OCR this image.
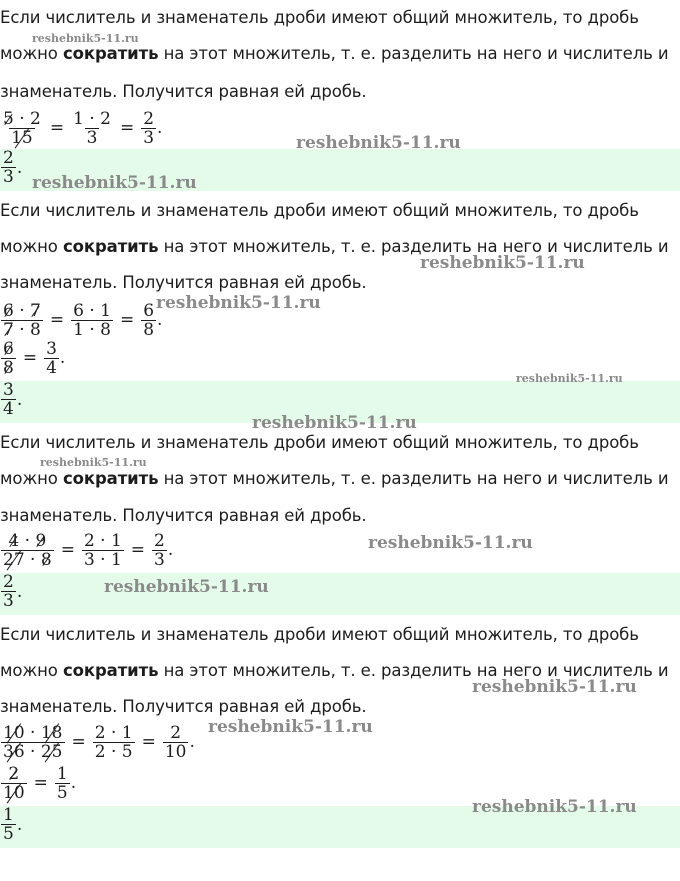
Если числитель и знаменатель дроби имеют общий множитель, то дробь
можно сократить на этот множитель, т. е. разделить на него и числитель и
знаменатель. Получится равная ей дробь.
$\frac{5 \cdot 2}{15} = \frac{1 \cdot 2}{3} = \frac{2}{3}$ .
$\frac{2}{3}$ .
Если числитель и знаменатель дроби имеют общий множитель, то дробь
можно сократить на этот множитель, т. е. разделить на него и числитель и
знаменатель. Получится равная ей дробь.
$\frac{6 \cdot 7}{7 \cdot 8} = \frac{6 \cdot 1}{1 \cdot 8} = \frac{6}{8}$ .
$\frac{6}{8} = \frac{3}{4}$ .
$\frac{3}{4}$ .
Если числитель и знаменатель дроби имеют общий множитель, то дробь
можно сократить на этот множитель, т. е. разделить на него и числитель и
знаменатель. Получится равная ей дробь.
$\frac{4 \cdot 9}{27 \cdot 8} = \frac{2 \cdot 1}{3 \cdot 1} = \frac{2}{3}$ .
$\frac{2}{3}$ .
Если числитель и знаменатель дроби имеют общий множитель, то дробь
можно сократить на этот множитель, т. е. разделить на него и числитель и
знаменатель. Получится равная ей дробь.
$\frac{10 \cdot 18}{36 \cdot 25} = \frac{2 \cdot 1}{2 \cdot 5} = \frac{2}{10}$ .
$\frac{2}{10} = \frac{1}{5}$ .
$\frac{1}{5}$ .
reshebnik5-11.ru
reshebnik5-11.ru
reshebnik5-11.ru
reshebnik5-11.ru
reshebnik5-11.ru
reshebnik5-11.ru
reshebnik5-11.ru
reshebnik5-11.ru
reshebnik5-11.ru
reshebnik5-11.ru
reshebnik5-11.ru
reshebnik5-11.ru
reshebnik5-11.ru
